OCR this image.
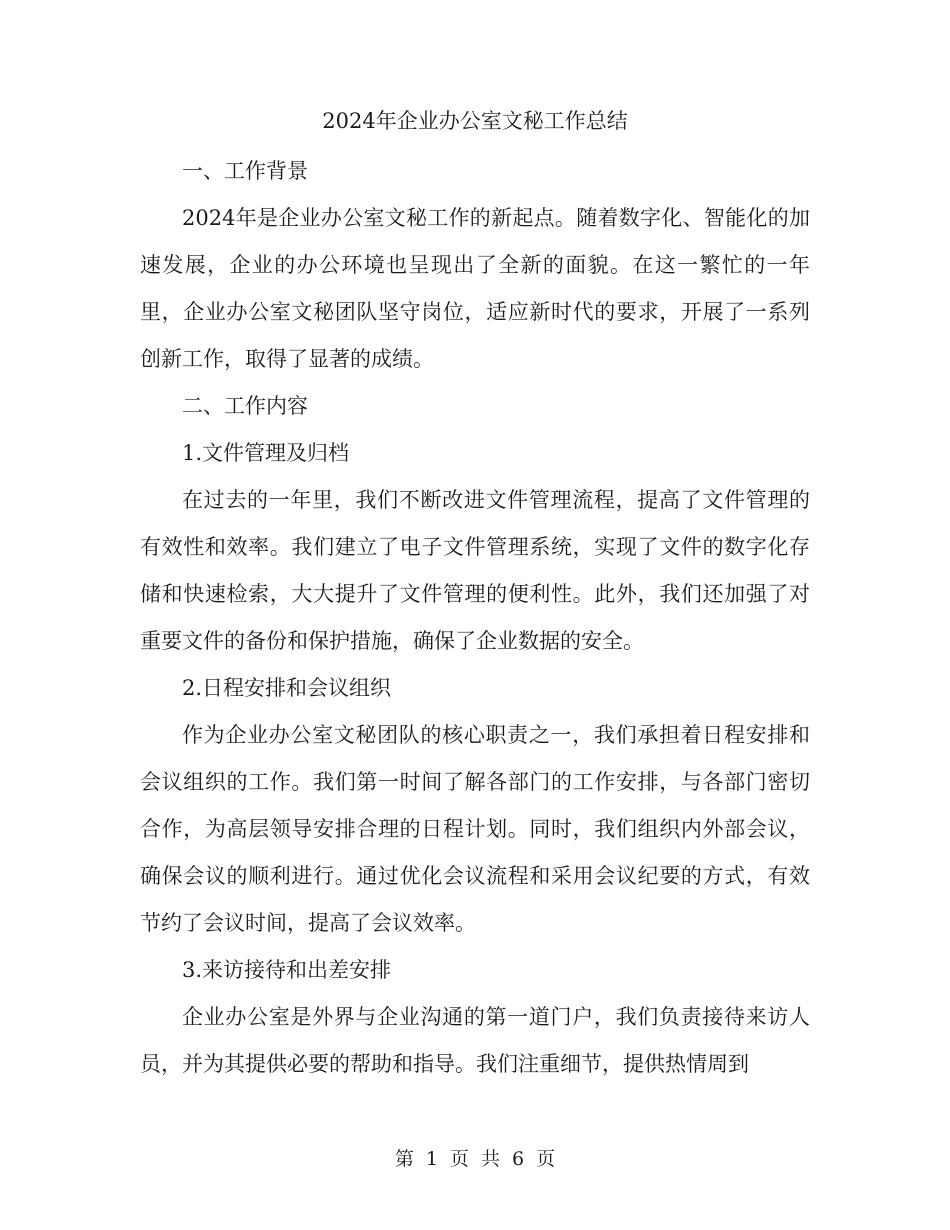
2024年企业办公室文秘工作总结

一、工作背景

2024年是企业办公室文秘工作的新起点。随着数字化、智能化的加速发展，企业的办公环境也呈现出了全新的面貌。在这一繁忙的一年里，企业办公室文秘团队坚守岗位，适应新时代的要求，开展了一系列创新工作，取得了显著的成绩。

二、工作内容

1.文件管理及归档

在过去的一年里，我们不断改进文件管理流程，提高了文件管理的有效性和效率。我们建立了电子文件管理系统，实现了文件的数字化存储和快速检索，大大提升了文件管理的便利性。此外，我们还加强了对重要文件的备份和保护措施，确保了企业数据的安全。

2.日程安排和会议组织

作为企业办公室文秘团队的核心职责之一，我们承担着日程安排和会议组织的工作。我们第一时间了解各部门的工作安排，与各部门密切合作，为高层领导安排合理的日程计划。同时，我们组织内外部会议，确保会议的顺利进行。通过优化会议流程和采用会议纪要的方式，有效节约了会议时间，提高了会议效率。

3.来访接待和出差安排

企业办公室是外界与企业沟通的第一道门户，我们负责接待来访人员，并为其提供必要的帮助和指导。我们注重细节，提供热情周到

第 1 页 共 6 页
